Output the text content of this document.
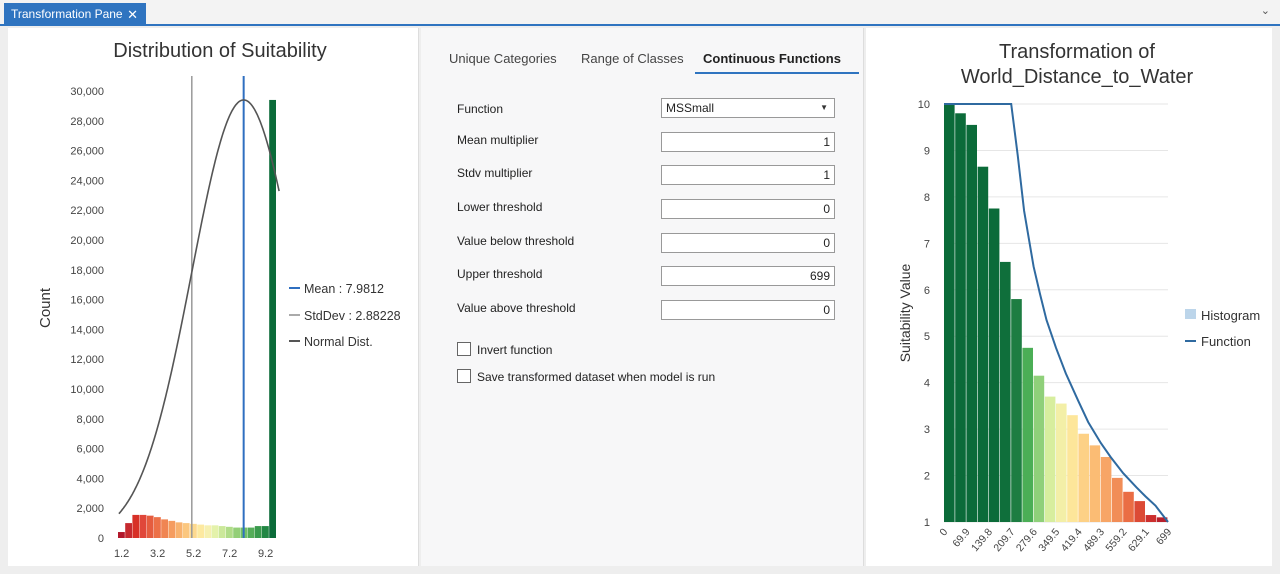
Transformation Pane ✕	⌄
Distribution of Suitability
Count
0
2,000
4,000
6,000
8,000
10,000
12,000
14,000
16,000
18,000
20,000
22,000
24,000
26,000
28,000
30,000
1.2 3.2 5.2 7.2 9.2
Mean : 7.9812
StdDev : 2.88228
Normal Dist.
Unique Categories Range of Classes Continuous Functions
Function	MSSmall	▼
Mean multiplier	1
Stdv multiplier	1
Lower threshold	0
Value below threshold	0
Upper threshold	699
Value above threshold	0
Invert function
Save transformed dataset when model is run
Transformation of
World_Distance_to_Water
Suitability Value
1
2
3
4
5
6
7
8
9
10
0 69.9
139.8
209.7
279.6
349.5
419.4
489.3
559.2
629.1 699
Histogram
Function
